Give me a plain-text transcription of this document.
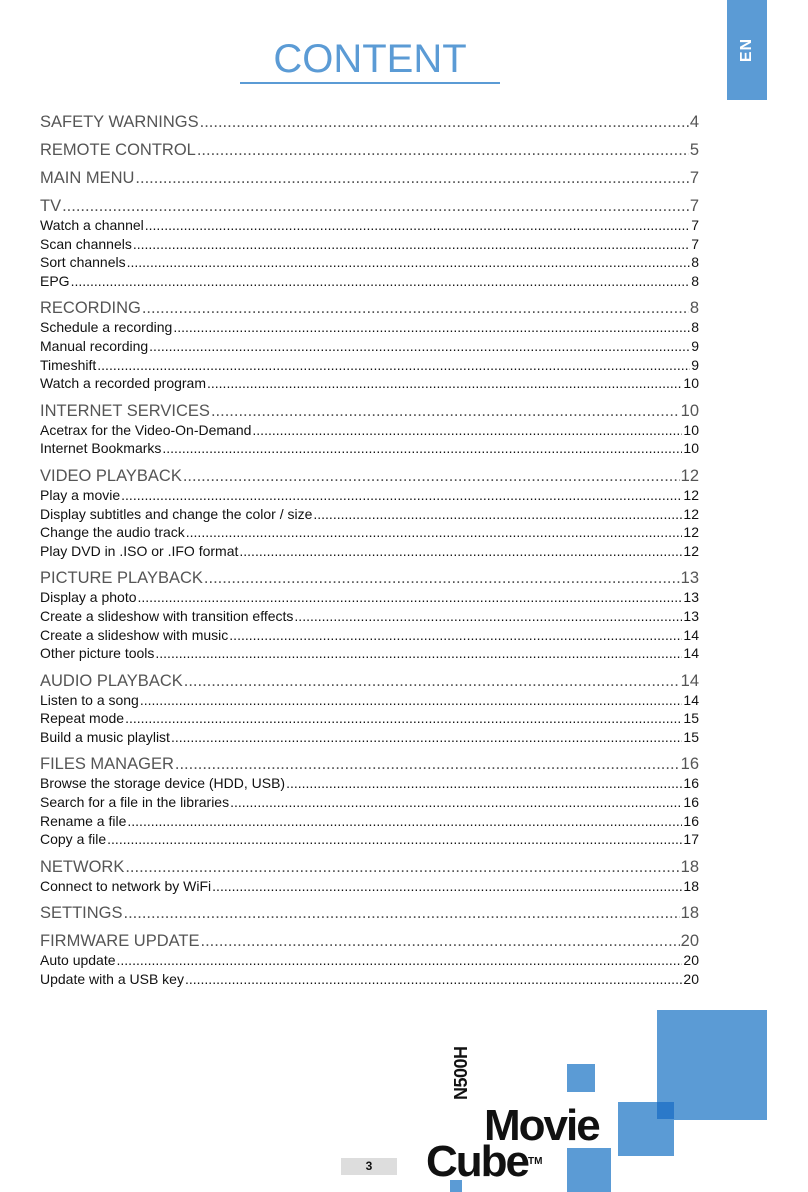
EN
CONTENT
SAFETY WARNINGS .....	4
REMOTE CONTROL .....	5
MAIN MENU .....	7
TV .....	7
Watch a channel .....	7
Scan channels .....	7
Sort channels .....	8
EPG .....	8
RECORDING .....	8
Schedule a recording .....	8
Manual recording .....	9
Timeshift .....	9
Watch a recorded program .....	10
INTERNET SERVICES .....	10
Acetrax for the Video-On-Demand .....	10
Internet Bookmarks .....	10
VIDEO PLAYBACK .....	12
Play a movie .....	12
Display subtitles and change the color / size .....	12
Change the audio track .....	12
Play DVD in .ISO or .IFO format .....	12
PICTURE PLAYBACK .....	13
Display a photo .....	13
Create a slideshow with transition effects .....	13
Create a slideshow with music .....	14
Other picture tools .....	14
AUDIO PLAYBACK .....	14
Listen to a song .....	14
Repeat mode .....	15
Build a music playlist .....	15
FILES MANAGER .....	16
Browse the storage device (HDD, USB) .....	16
Search for a file in the libraries .....	16
Rename a file .....	16
Copy a file .....	17
NETWORK .....	18
Connect to network by WiFi .....	18
SETTINGS .....	18
FIRMWARE UPDATE .....	20
Auto update .....	20
Update with a USB key .....	20
3
N500H
Movie
Cube™
